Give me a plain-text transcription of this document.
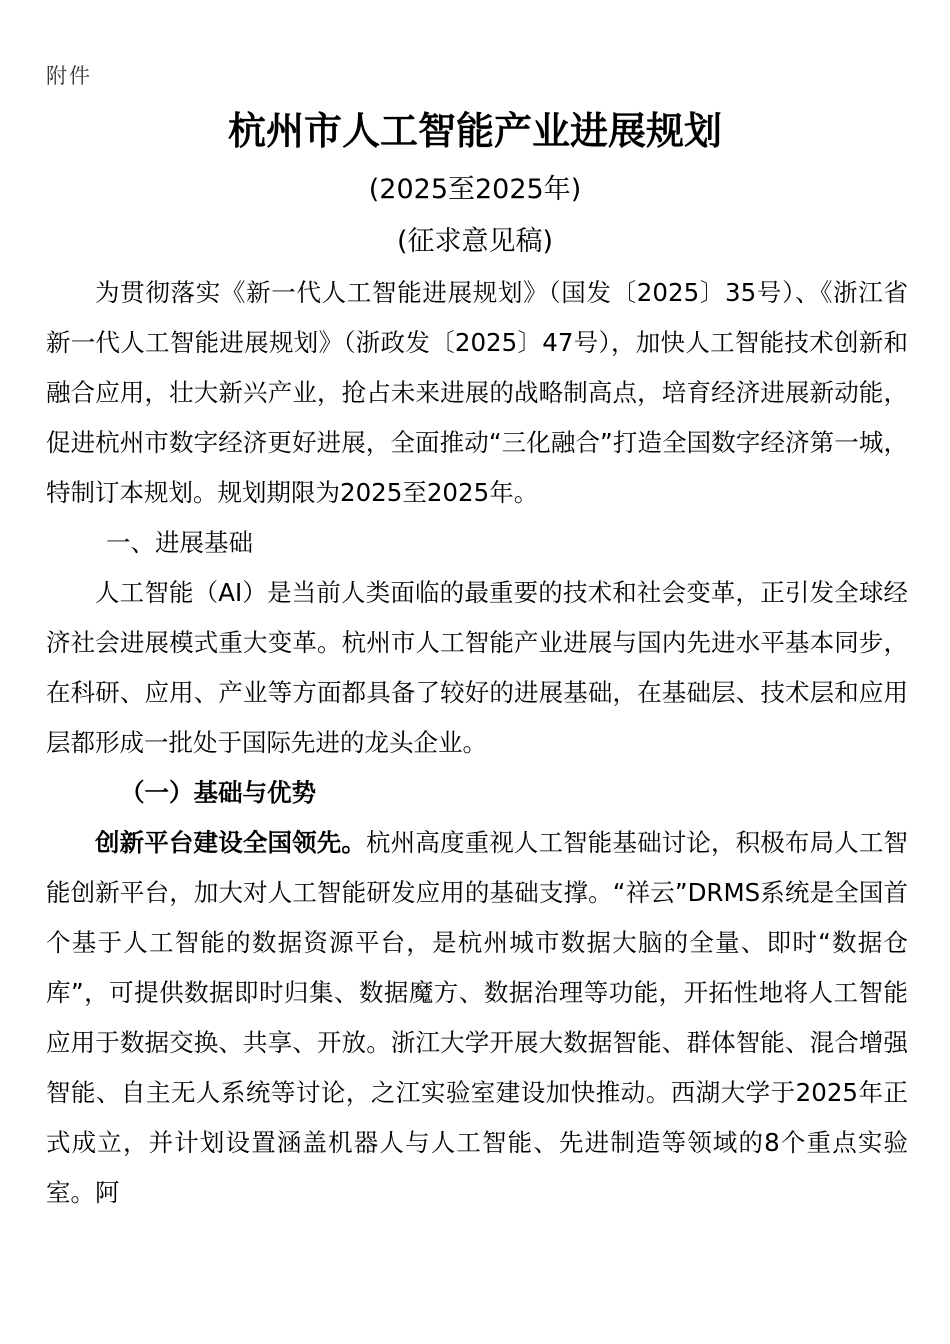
附件
杭州市人工智能产业进展规划
(2025至2025年)
(征求意见稿)

为贯彻落实《新一代人工智能进展规划》（国发〔2025〕35号）、《浙江省新一代人工智能进展规划》（浙政发〔2025〕47号），加快人工智能技术创新和融合应用，壮大新兴产业，抢占未来进展的战略制高点，培育经济进展新动能，促进杭州市数字经济更好进展，全面推动“三化融合”打造全国数字经济第一城，特制订本规划。规划期限为2025至2025年。

一、进展基础

人工智能（AI）是当前人类面临的最重要的技术和社会变革，正引发全球经济社会进展模式重大变革。杭州市人工智能产业进展与国内先进水平基本同步，在科研、应用、产业等方面都具备了较好的进展基础，在基础层、技术层和应用层都形成一批处于国际先进的龙头企业。

（一）基础与优势

创新平台建设全国领先。杭州高度重视人工智能基础讨论，积极布局人工智能创新平台，加大对人工智能研发应用的基础支撑。“祥云”DRMS系统是全国首个基于人工智能的数据资源平台，是杭州城市数据大脑的全量、即时“数据仓库”，可提供数据即时归集、数据魔方、数据治理等功能，开拓性地将人工智能应用于数据交换、共享、开放。浙江大学开展大数据智能、群体智能、混合增强智能、自主无人系统等讨论，之江实验室建设加快推动。西湖大学于2025年正式成立，并计划设置涵盖机器人与人工智能、先进制造等领域的8个重点实验室。阿
